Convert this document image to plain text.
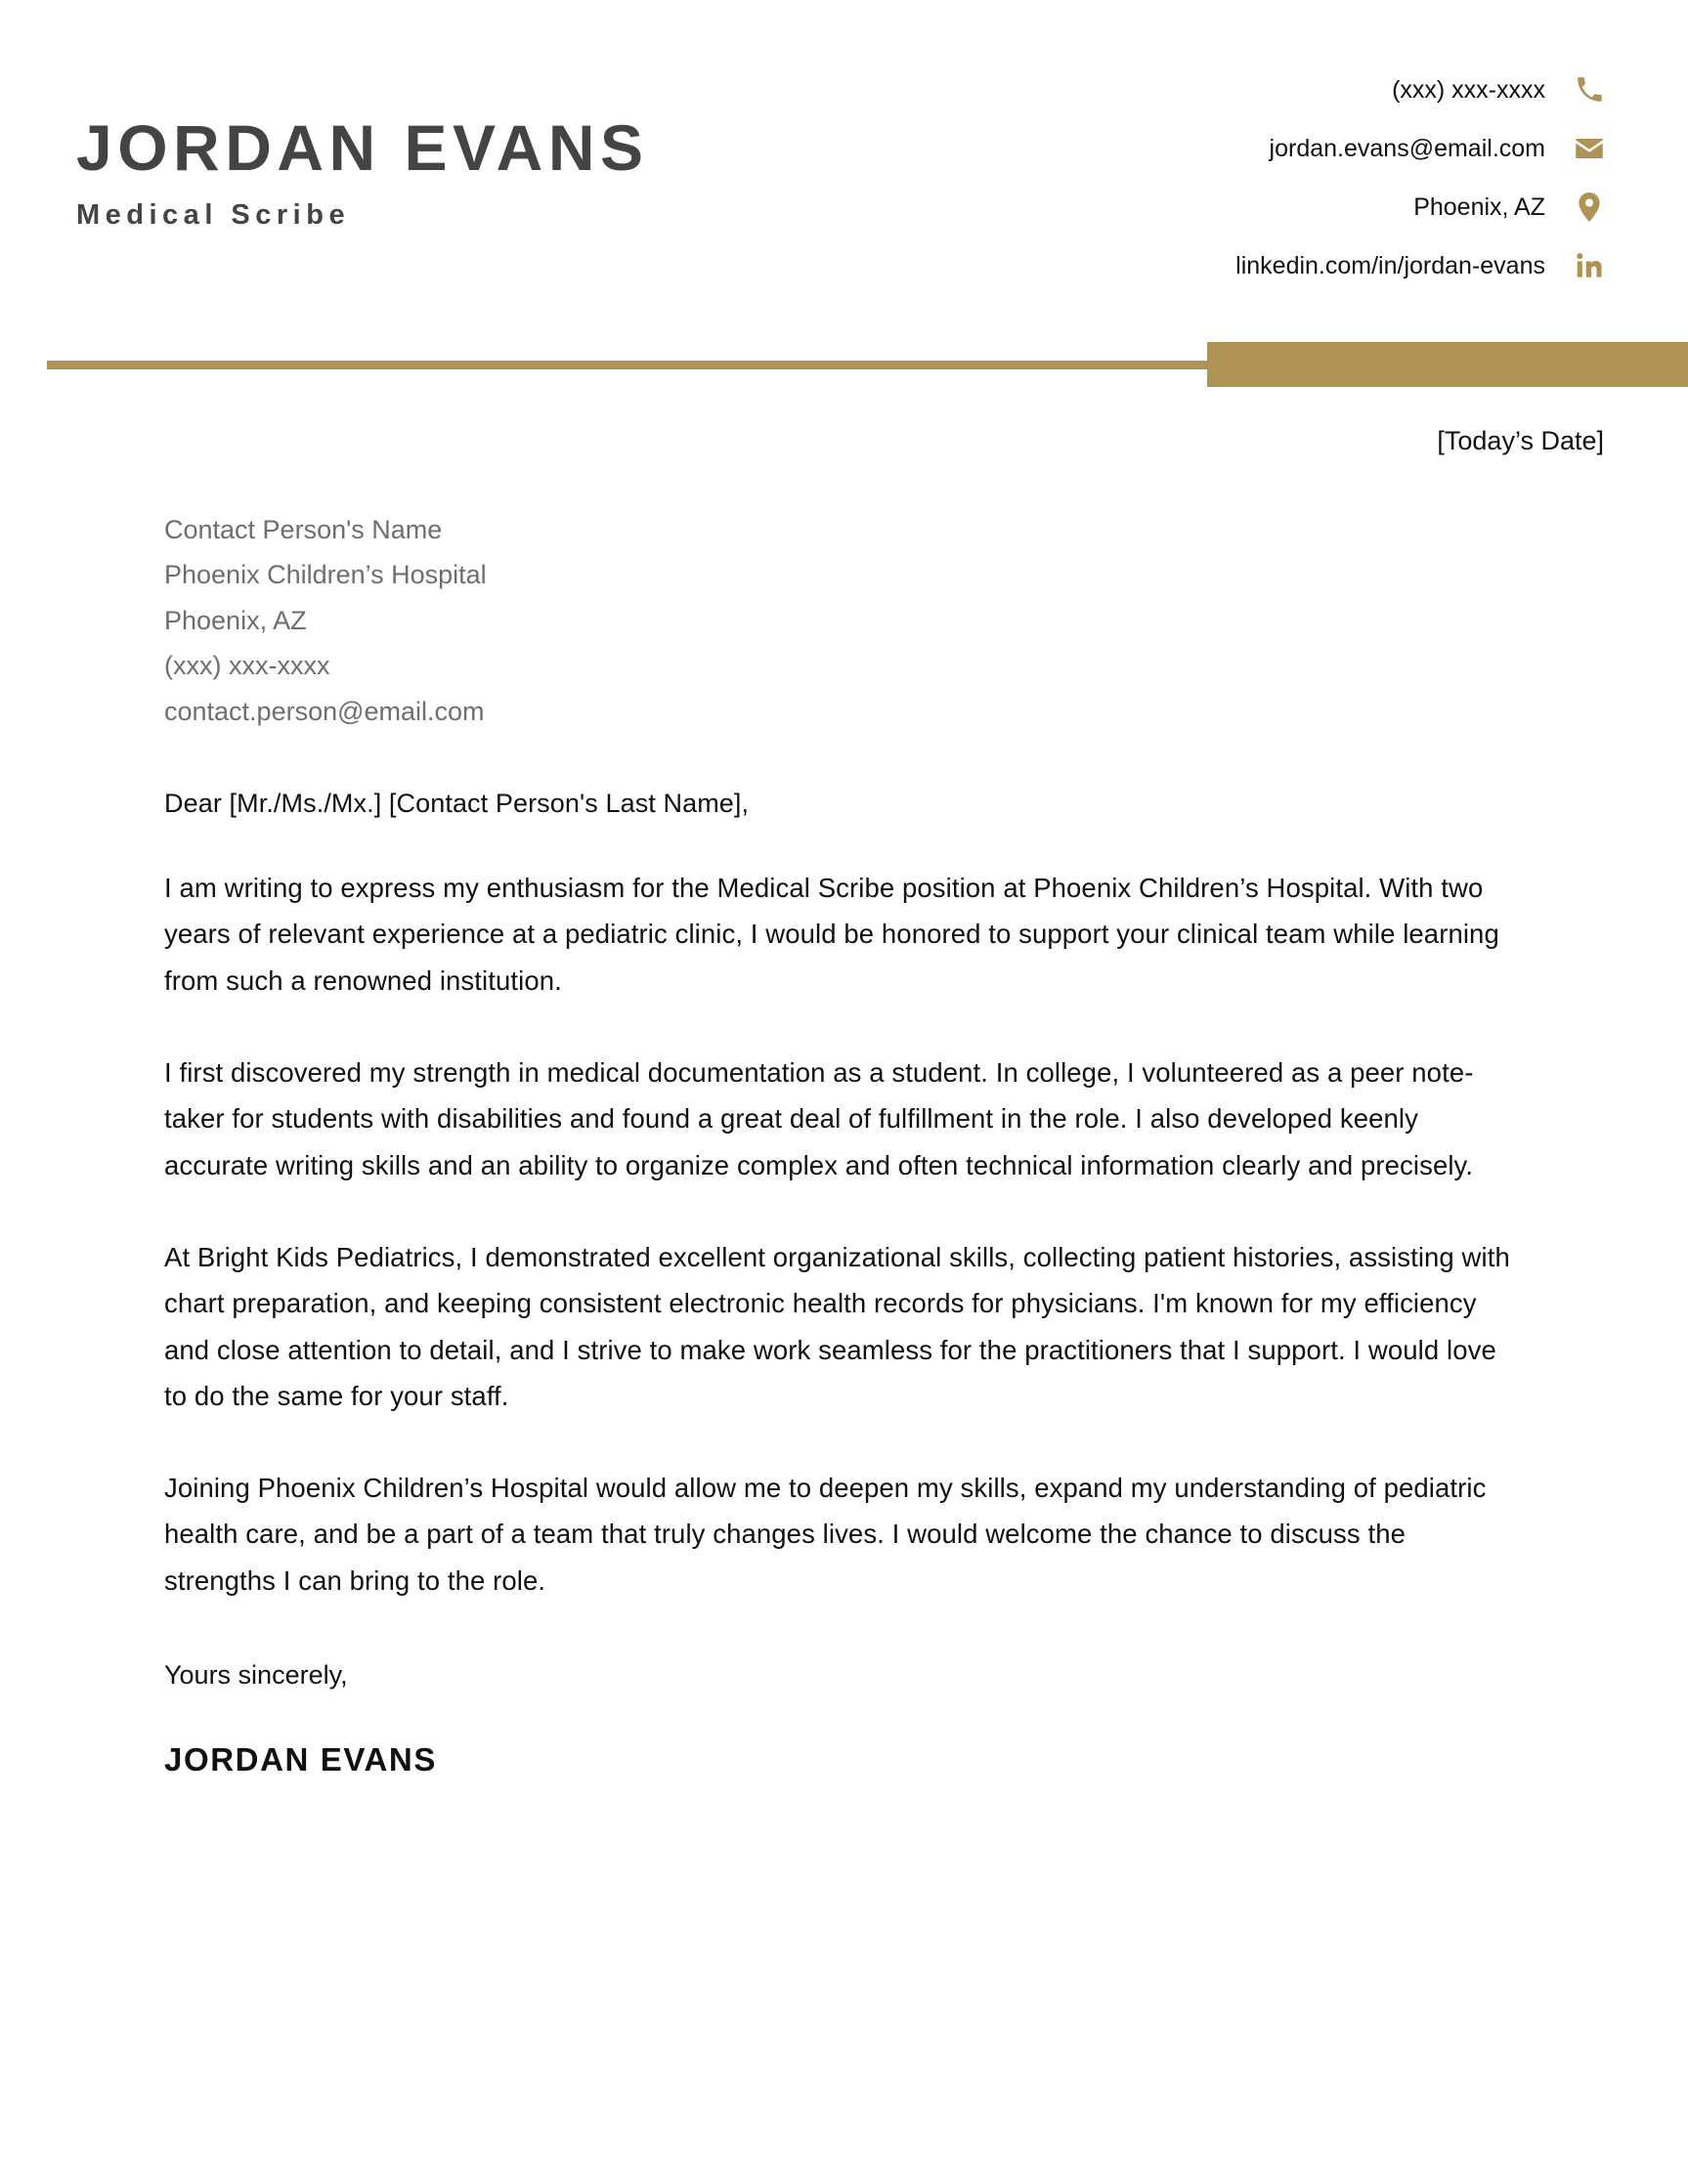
JORDAN EVANS
Medical Scribe
(xxx) xxx-xxxx
jordan.evans@email.com
Phoenix, AZ
linkedin.com/in/jordan-evans
[Today’s Date]
Contact Person's Name
Phoenix Children’s Hospital
Phoenix, AZ
(xxx) xxx-xxxx
contact.person@email.com
Dear [Mr./Ms./Mx.] [Contact Person's Last Name],

I am writing to express my enthusiasm for the Medical Scribe position at Phoenix Children’s Hospital. With two years of relevant experience at a pediatric clinic, I would be honored to support your clinical team while learning from such a renowned institution.

I first discovered my strength in medical documentation as a student. In college, I volunteered as a peer note-taker for students with disabilities and found a great deal of fulfillment in the role. I also developed keenly accurate writing skills and an ability to organize complex and often technical information clearly and precisely.

At Bright Kids Pediatrics, I demonstrated excellent organizational skills, collecting patient histories, assisting with chart preparation, and keeping consistent electronic health records for physicians. I'm known for my efficiency and close attention to detail, and I strive to make work seamless for the practitioners that I support. I would love to do the same for your staff.

Joining Phoenix Children’s Hospital would allow me to deepen my skills, expand my understanding of pediatric health care, and be a part of a team that truly changes lives. I would welcome the chance to discuss the strengths I can bring to the role.

Yours sincerely,
JORDAN EVANS
